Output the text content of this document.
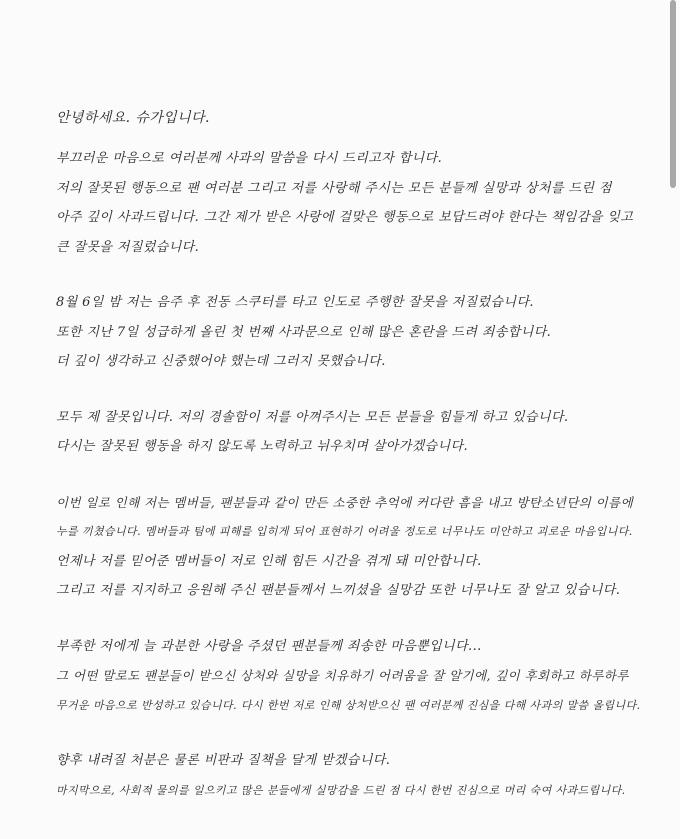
안녕하세요. 슈가입니다.
부끄러운 마음으로 여러분께 사과의 말씀을 다시 드리고자 합니다.
저의 잘못된 행동으로 팬 여러분 그리고 저를 사랑해 주시는 모든 분들께 실망과 상처를 드린 점
아주 깊이 사과드립니다. 그간 제가 받은 사랑에 걸맞은 행동으로 보답드려야 한다는 책임감을 잊고
큰 잘못을 저질렀습니다.
8월 6일 밤 저는 음주 후 전동 스쿠터를 타고 인도로 주행한 잘못을 저질렀습니다.
또한 지난 7일 성급하게 올린 첫 번째 사과문으로 인해 많은 혼란을 드려 죄송합니다.
더 깊이 생각하고 신중했어야 했는데 그러지 못했습니다.
모두 제 잘못입니다. 저의 경솔함이 저를 아껴주시는 모든 분들을 힘들게 하고 있습니다.
다시는 잘못된 행동을 하지 않도록 노력하고 뉘우치며 살아가겠습니다.
이번 일로 인해 저는 멤버들, 팬분들과 같이 만든 소중한 추억에 커다란 흠을 내고 방탄소년단의 이름에
누를 끼쳤습니다. 멤버들과 팀에 피해를 입히게 되어 표현하기 어려울 정도로 너무나도 미안하고 괴로운 마음입니다.
언제나 저를 믿어준 멤버들이 저로 인해 힘든 시간을 겪게 돼 미안합니다.
그리고 저를 지지하고 응원해 주신 팬분들께서 느끼셨을 실망감 또한 너무나도 잘 알고 있습니다.
부족한 저에게 늘 과분한 사랑을 주셨던 팬분들께 죄송한 마음뿐입니다...
그 어떤 말로도 팬분들이 받으신 상처와 실망을 치유하기 어려움을 잘 알기에, 깊이 후회하고 하루하루
무거운 마음으로 반성하고 있습니다. 다시 한번 저로 인해 상처받으신 팬 여러분께 진심을 다해 사과의 말씀 올립니다.
향후 내려질 처분은 물론 비판과 질책을 달게 받겠습니다.
마지막으로, 사회적 물의를 일으키고 많은 분들에게 실망감을 드린 점 다시 한번 진심으로 머리 숙여 사과드립니다.
